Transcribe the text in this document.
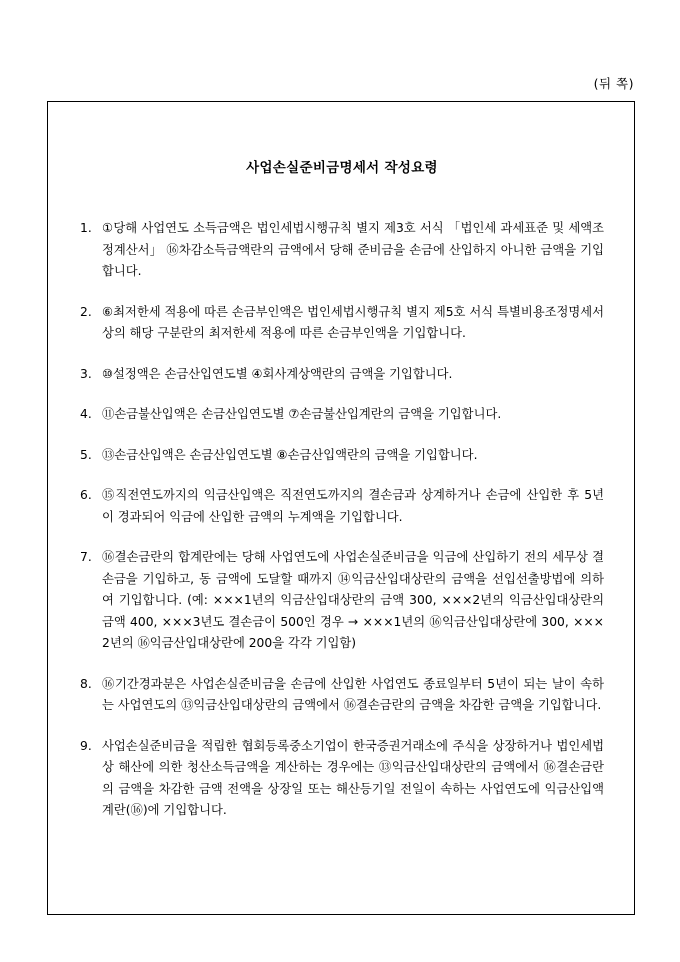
(뒤 쪽)
사업손실준비금명세서 작성요령
1. ①당해 사업연도 소득금액은 법인세법시행규칙 별지 제3호 서식 「법인세 과세표준 및 세액조정계산서」 ⑯차감소득금액란의 금액에서 당해 준비금을 손금에 산입하지 아니한 금액을 기입합니다.
2. ⑥최저한세 적용에 따른 손금부인액은 법인세법시행규칙 별지 제5호 서식 특별비용조정명세서상의 해당 구분란의 최저한세 적용에 따른 손금부인액을 기입합니다.
3. ⑩설정액은 손금산입연도별 ④회사계상액란의 금액을 기입합니다.
4. ⑪손금불산입액은 손금산입연도별 ⑦손금불산입계란의 금액을 기입합니다.
5. ⑬손금산입액은 손금산입연도별 ⑧손금산입액란의 금액을 기입합니다.
6. ⑮직전연도까지의 익금산입액은 직전연도까지의 결손금과 상계하거나 손금에 산입한 후 5년이 경과되어 익금에 산입한 금액의 누계액을 기입합니다.
7. ⑯결손금란의 합계란에는 당해 사업연도에 사업손실준비금을 익금에 산입하기 전의 세무상 결손금을 기입하고, 동 금액에 도달할 때까지 ⑭익금산입대상란의 금액을 선입선출방법에 의하여 기입합니다. (예: ×××1년의 익금산입대상란의 금액 300, ×××2년의 익금산입대상란의 금액 400, ×××3년도 결손금이 500인 경우 → ×××1년의 ⑯익금산입대상란에 300, ×××2년의 ⑯익금산입대상란에 200을 각각 기입함)
8. ⑯기간경과분은 사업손실준비금을 손금에 산입한 사업연도 종료일부터 5년이 되는 날이 속하는 사업연도의 ⑬익금산입대상란의 금액에서 ⑯결손금란의 금액을 차감한 금액을 기입합니다.
9. 사업손실준비금을 적립한 협회등록중소기업이 한국증권거래소에 주식을 상장하거나 법인세법상 해산에 의한 청산소득금액을 계산하는 경우에는 ⑬익금산입대상란의 금액에서 ⑯결손금란의 금액을 차감한 금액 전액을 상장일 또는 해산등기일 전일이 속하는 사업연도에 익금산입액 계란(⑯)에 기입합니다.
